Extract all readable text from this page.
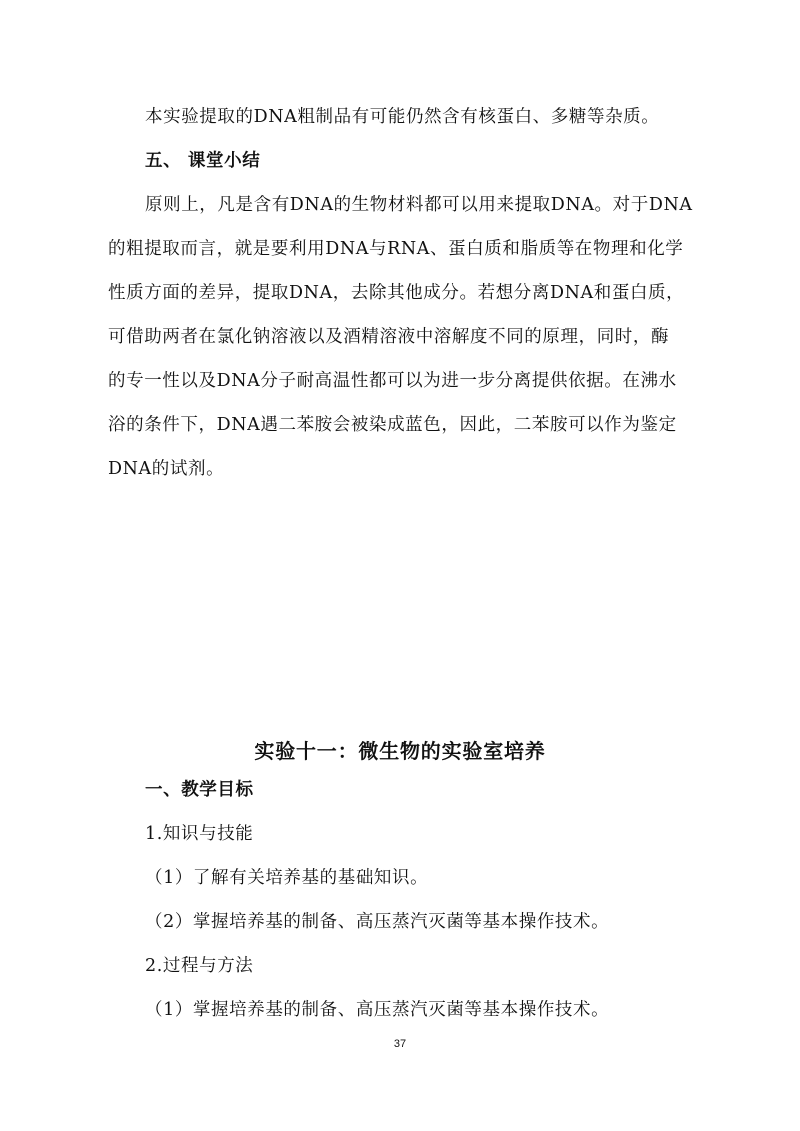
本实验提取的DNA粗制品有可能仍然含有核蛋白、多糖等杂质。
五、 课堂小结
原则上，凡是含有DNA的生物材料都可以用来提取DNA。对于DNA
的粗提取而言，就是要利用DNA与RNA、蛋白质和脂质等在物理和化学
性质方面的差异，提取DNA，去除其他成分。若想分离DNA和蛋白质，
可借助两者在氯化钠溶液以及酒精溶液中溶解度不同的原理，同时，酶
的专一性以及DNA分子耐高温性都可以为进一步分离提供依据。在沸水
浴的条件下，DNA遇二苯胺会被染成蓝色，因此，二苯胺可以作为鉴定
DNA的试剂。
实验十一：微生物的实验室培养
一、教学目标
1.知识与技能
（1）了解有关培养基的基础知识。
（2）掌握培养基的制备、高压蒸汽灭菌等基本操作技术。
2.过程与方法
（1）掌握培养基的制备、高压蒸汽灭菌等基本操作技术。
37
